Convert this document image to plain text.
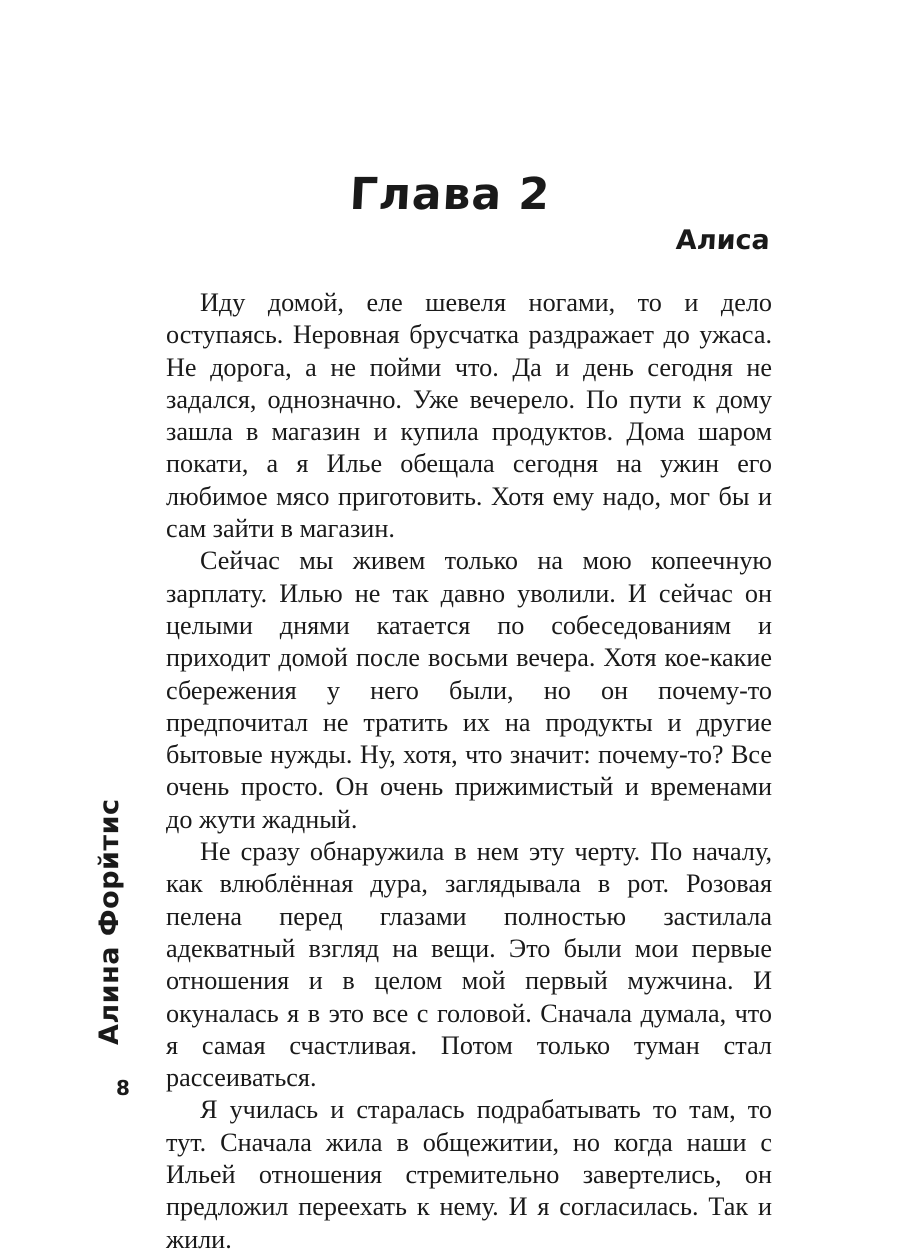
Глава 2
Алиса

Иду домой, еле шевеля ногами, то и дело оступаясь. Неровная брусчатка раздражает до ужаса. Не дорога, а не пойми что. Да и день сегодня не задался, однозначно. Уже вечерело. По пути к дому зашла в магазин и купила продуктов. Дома шаром покати, а я Илье обещала сегодня на ужин его любимое мясо приготовить. Хотя ему надо, мог бы и сам зайти в магазин.

Сейчас мы живем только на мою копеечную зарплату. Илью не так давно уволили. И сейчас он целыми днями катается по собеседованиям и приходит домой после восьми вечера. Хотя кое-какие сбережения у него были, но он почему-то предпочитал не тратить их на продукты и другие бытовые нужды. Ну, хотя, что значит: почему-то? Все очень просто. Он очень прижимистый и временами до жути жадный.

Не сразу обнаружила в нем эту черту. По началу, как влюблённая дура, заглядывала в рот. Розовая пелена перед глазами полностью застилала адекватный взгляд на вещи. Это были мои первые отношения и в целом мой первый мужчина. И окуналась я в это все с головой. Сначала думала, что я самая счастливая. Потом только туман стал рассеиваться.

Я училась и старалась подрабатывать то там, то тут. Сначала жила в общежитии, но когда наши с Ильей отношения стремительно завертелись, он предложил переехать к нему. И я согласилась. Так и жили.

Алина Форйтис
8
